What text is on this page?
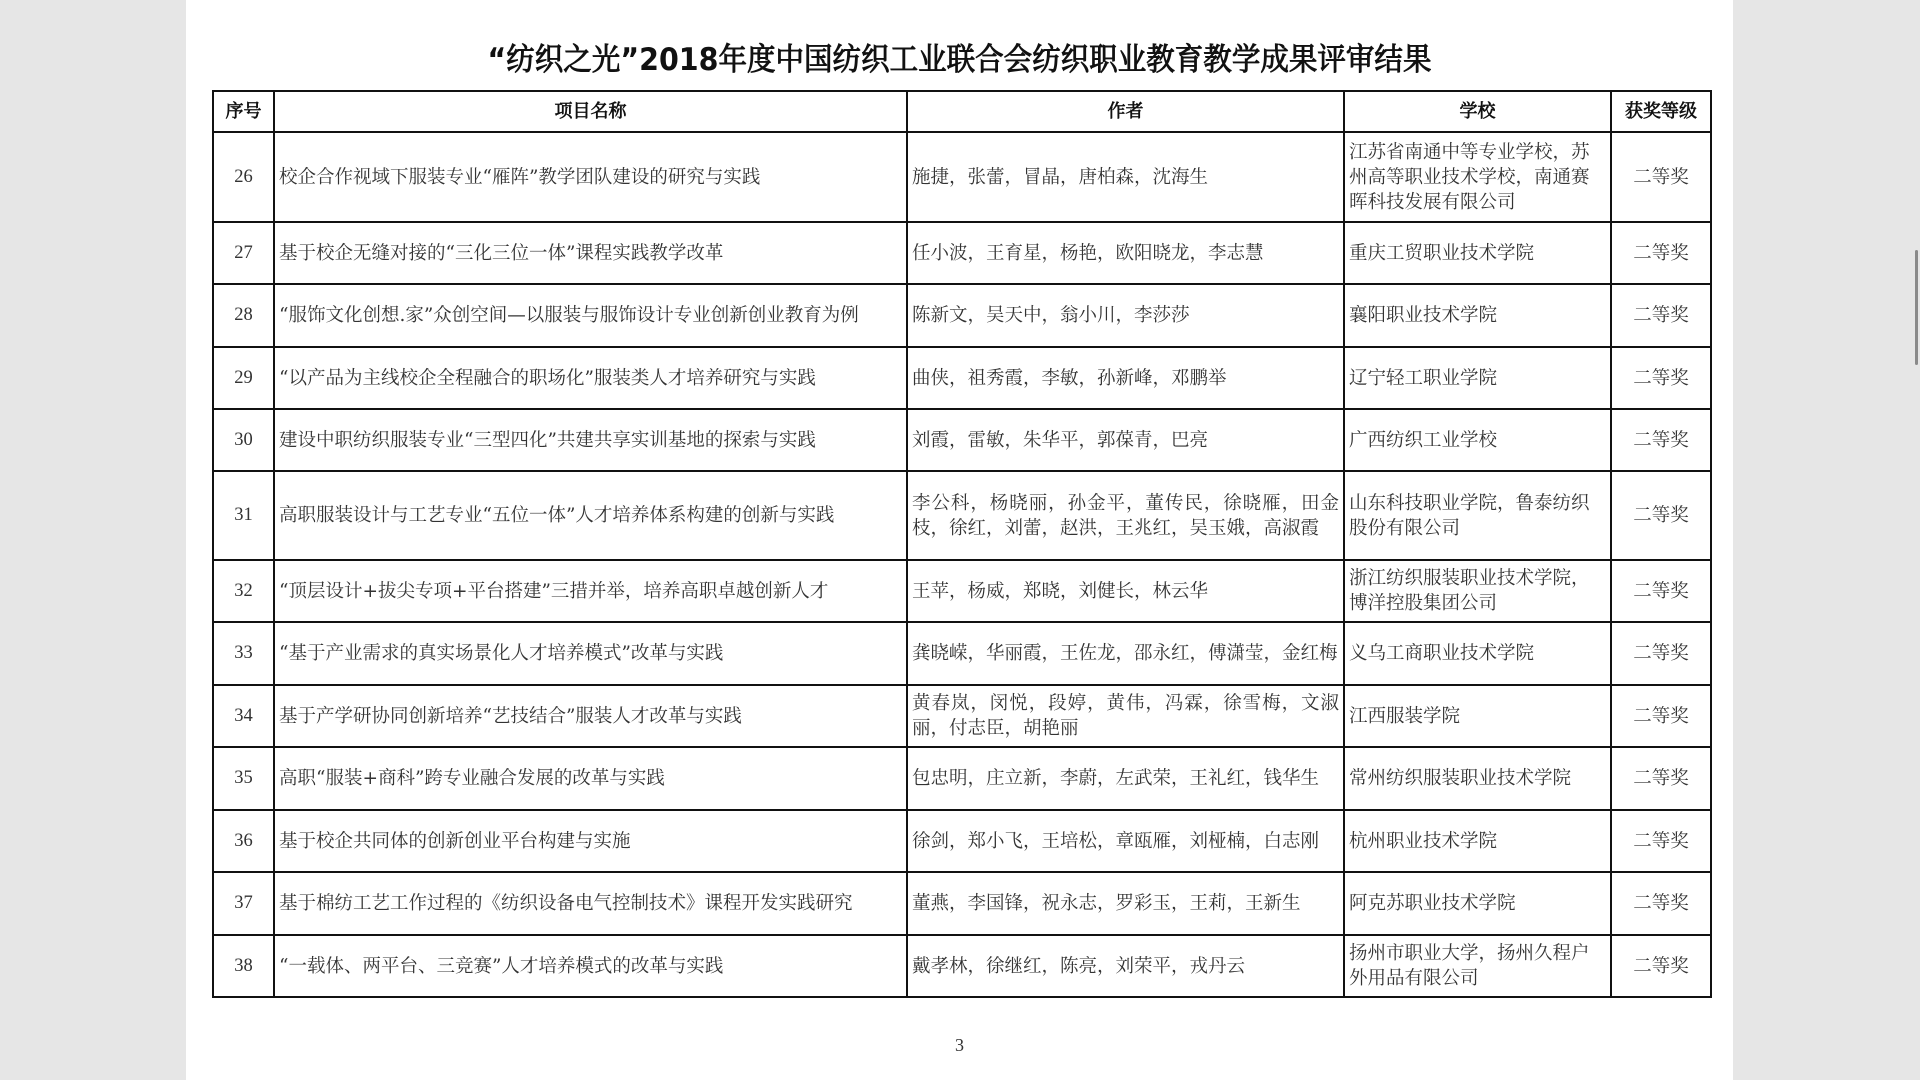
“纺织之光”2018年度中国纺织工业联合会纺织职业教育教学成果评审结果
序号	项目名称	作者	学校	获奖等级
26	校企合作视域下服装专业“雁阵”教学团队建设的研究与实践	施捷，张蕾，冒晶，唐柏森，沈海生	江苏省南通中等专业学校，苏州高等职业技术学校，南通赛晖科技发展有限公司	二等奖
27	基于校企无缝对接的“三化三位一体”课程实践教学改革	任小波，王育星，杨艳，欧阳晓龙，李志慧	重庆工贸职业技术学院	二等奖
28	“服饰文化创想.家”众创空间—以服装与服饰设计专业创新创业教育为例	陈新文，吴天中，翁小川，李莎莎	襄阳职业技术学院	二等奖
29	“以产品为主线校企全程融合的职场化”服装类人才培养研究与实践	曲侠，祖秀霞，李敏，孙新峰，邓鹏举	辽宁轻工职业学院	二等奖
30	建设中职纺织服装专业“三型四化”共建共享实训基地的探索与实践	刘霞，雷敏，朱华平，郭葆青，巴亮	广西纺织工业学校	二等奖
31	高职服装设计与工艺专业“五位一体”人才培养体系构建的创新与实践	李公科，杨晓丽，孙金平，董传民，徐晓雁，田金枝，徐红，刘蕾，赵洪，王兆红，吴玉娥，高淑霞	山东科技职业学院，鲁泰纺织股份有限公司	二等奖
32	“顶层设计+拔尖专项+平台搭建”三措并举，培养高职卓越创新人才	王苹，杨威，郑晓，刘健长，林云华	浙江纺织服装职业技术学院，博洋控股集团公司	二等奖
33	“基于产业需求的真实场景化人才培养模式”改革与实践	龚晓嵘，华丽霞，王佐龙，邵永红，傅潇莹，金红梅	义乌工商职业技术学院	二等奖
34	基于产学研协同创新培养“艺技结合”服装人才改革与实践	黄春岚，闵悦，段婷，黄伟，冯霖，徐雪梅，文淑丽，付志臣，胡艳丽	江西服装学院	二等奖
35	高职“服装+商科”跨专业融合发展的改革与实践	包忠明，庄立新，李蔚，左武荣，王礼红，钱华生	常州纺织服装职业技术学院	二等奖
36	基于校企共同体的创新创业平台构建与实施	徐剑，郑小飞，王培松，章瓯雁，刘桠楠，白志刚	杭州职业技术学院	二等奖
37	基于棉纺工艺工作过程的《纺织设备电气控制技术》课程开发实践研究	董燕，李国锋，祝永志，罗彩玉，王莉，王新生	阿克苏职业技术学院	二等奖
38	“一载体、两平台、三竞赛”人才培养模式的改革与实践	戴孝林，徐继红，陈亮，刘荣平，戎丹云	扬州市职业大学，扬州久程户外用品有限公司	二等奖
3
